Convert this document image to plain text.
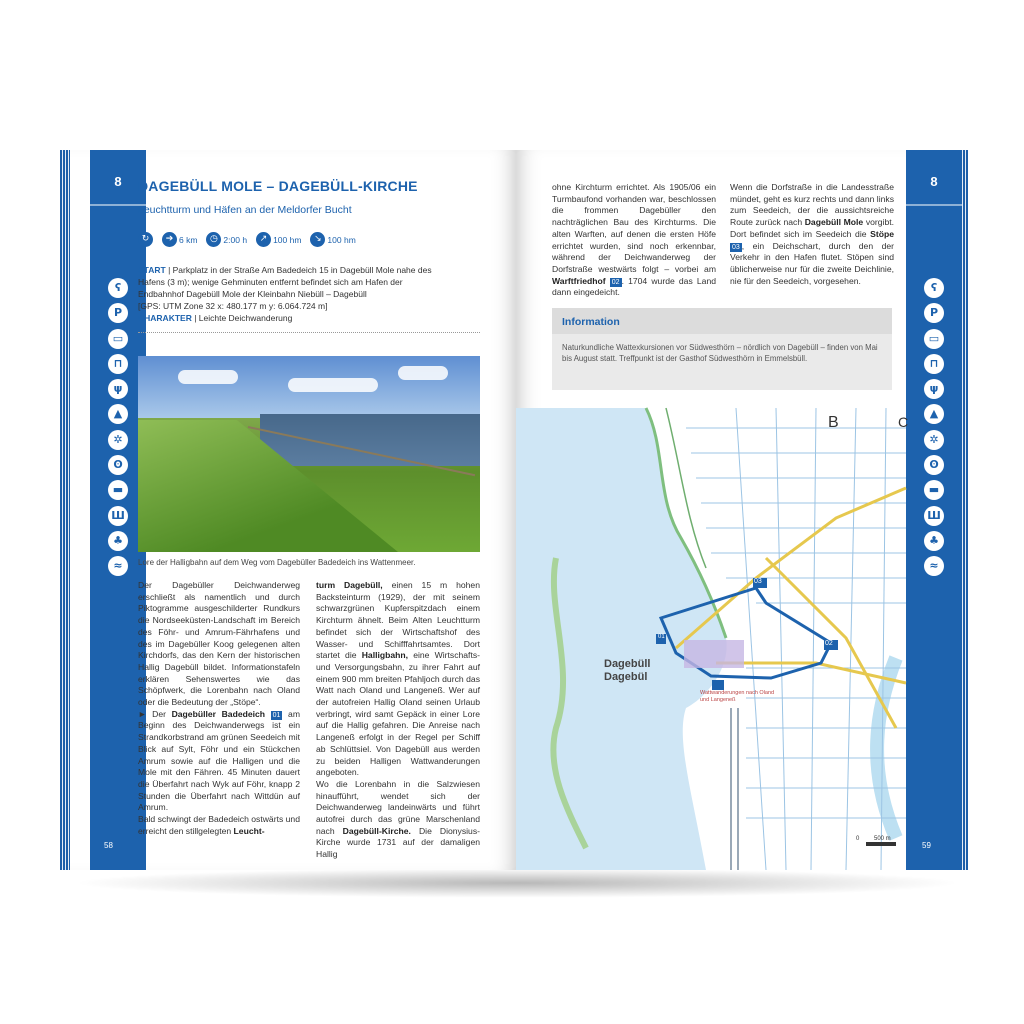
8
ʕ
P
▭
⊓
ψ
▲
✲
ʘ
▬
Ш
♣
≈
58
DAGEBÜLL MOLE – DAGEBÜLL-KIRCHE
Leuchtturm und Häfen an der Meldorfer Bucht
↻	➔ 6 km	◷ 2:00 h	↗ 100 hm	↘ 100 hm
START | Parkplatz in der Straße Am Badedeich 15 in Dagebüll Mole nahe des Hafens (3 m); wenige Gehminuten entfernt befindet sich am Hafen der Endbahnhof Dagebüll Mole der Kleinbahn Niebüll – Dagebüll
[GPS: UTM Zone 32 x: 480.177 m y: 6.064.724 m]
CHARAKTER | Leichte Deichwanderung
Lore der Halligbahn auf dem Weg vom Dagebüller Badedeich ins Wattenmeer.
Der Dagebüller Deichwanderweg erschließt als namentlich und durch Piktogramme ausgeschilderter Rundkurs die Nordseeküsten-Landschaft im Bereich des Föhr- und Amrum-Fährhafens und des im Dagebüller Koog gelegenen alten Kirchdorfs, das den Kern der historischen Hallig Dagebüll bildet. Informationstafeln erklären Sehenswertes wie das Schöpfwerk, die Lorenbahn nach Oland oder die Bedeutung der „Stöpe“.
► Der Dagebüller Badedeich 01 am Beginn des Deichwanderwegs ist ein Strandkorbstrand am grünen Seedeich mit Blick auf Sylt, Föhr und ein Stückchen Amrum sowie auf die Halligen und die Mole mit den Fähren. 45 Minuten dauert die Überfahrt nach Wyk auf Föhr, knapp 2 Stunden die Überfahrt nach Wittdün auf Amrum.
Bald schwingt der Badedeich ostwärts und erreicht den stillgelegten Leucht-
turm Dagebüll, einen 15 m hohen Backsteinturm (1929), der mit seinem schwarzgrünen Kupferspitzdach einem Kirchturm ähnelt. Beim Alten Leuchtturm befindet sich der Wirtschaftshof des Wasser- und Schifffahrtsamtes. Dort startet die Halligbahn, eine Wirtschafts- und Versorgungsbahn, zu ihrer Fahrt auf einem 900 mm breiten Pfahljoch durch das Watt nach Oland und Langeneß. Wer auf der autofreien Hallig Oland seinen Urlaub verbringt, wird samt Gepäck in einer Lore auf die Hallig gefahren. Die Anreise nach Langeneß erfolgt in der Regel per Schiff ab Schlüttsiel. Von Dagebüll aus werden zu beiden Halligen Wattwanderungen angeboten.
Wo die Lorenbahn in die Salzwiesen hinaufführt, wendet sich der Deichwanderweg landeinwärts und führt autofrei durch das grüne Marschenland nach Dagebüll-Kirche. Die Dionysius-Kirche wurde 1731 auf der damaligen Hallig
8
ʕ
P
▭
⊓
ψ
▲
✲
ʘ
▬
Ш
♣
≈
59
ohne Kirchturm errichtet. Als 1905/06 ein Turmbaufond vorhanden war, beschlossen die frommen Dagebüller den nachträglichen Bau des Kirchturms. Die alten Warften, auf denen die ersten Höfe errichtet wurden, sind noch erkennbar, während der Deichwanderweg der Dorfstraße westwärts folgt – vorbei am Warftfriedhof 02 . 1704 wurde das Land dann eingedeicht.
Wenn die Dorfstraße in die Landesstraße mündet, geht es kurz rechts und dann links zum Seedeich, der die aussichtsreiche Route zurück nach Dagebüll Mole vorgibt. Dort befindet sich im Seedeich die Stöpe 03 , ein Deichschart, durch den der Verkehr in den Hafen flutet. Stöpen sind üblicherweise nur für die zweite Deichlinie, nie für den Seedeich, vorgesehen.
Information
Naturkundliche Wattexkursionen vor Südwesthörn – nördlich von Dagebüll – finden von Mai bis August statt. Treffpunkt ist der Gasthof Südwesthörn in Emmelsbüll.
Dagebüll
Dagebül
Wattwanderungen nach Oland und Langeneß
B	C
03
02
01
0 500 m
